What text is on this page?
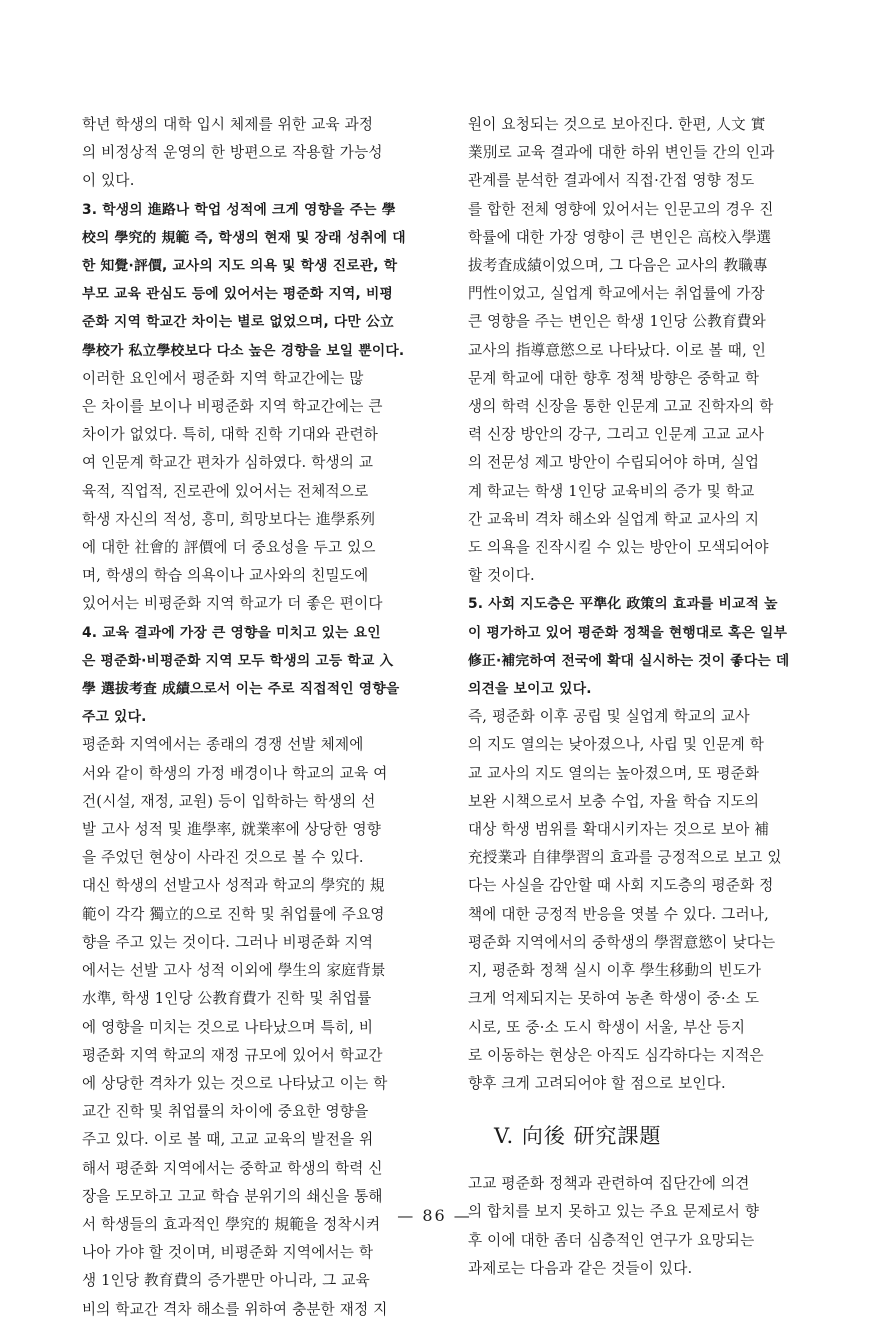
학년 학생의 대학 입시 체제를 위한 교육 과정
의 비정상적 운영의 한 방편으로 작용할 가능성
이 있다.

3. 학생의 進路나 학업 성적에 크게 영향을 주는 學
校의 學究的 規範 즉, 학생의 현재 및 장래 성취에 대
한 知覺·評價, 교사의 지도 의욕 및 학생 진로관, 학
부모 교육 관심도 등에 있어서는 평준화 지역, 비평
준화 지역 학교간 차이는 별로 없었으며, 다만 公立
學校가 私立學校보다 다소 높은 경향을 보일 뿐이다.

이러한 요인에서 평준화 지역 학교간에는 많
은 차이를 보이나 비평준화 지역 학교간에는 큰
차이가 없었다. 특히, 대학 진학 기대와 관련하
여 인문계 학교간 편차가 심하였다. 학생의 교
육적, 직업적, 진로관에 있어서는 전체적으로
학생 자신의 적성, 흥미, 희망보다는 進學系列
에 대한 社會的 評價에 더 중요성을 두고 있으
며, 학생의 학습 의욕이나 교사와의 친밀도에
있어서는 비평준화 지역 학교가 더 좋은 편이다

4. 교육 결과에 가장 큰 영향을 미치고 있는 요인
은 평준화·비평준화 지역 모두 학생의 고등 학교 入
學 選拔考査 成績으로서 이는 주로 직접적인 영향을
주고 있다.

평준화 지역에서는 종래의 경쟁 선발 체제에
서와 같이 학생의 가정 배경이나 학교의 교육 여
건(시설, 재정, 교원) 등이 입학하는 학생의 선
발 고사 성적 및 進學率, 就業率에 상당한 영향
을 주었던 현상이 사라진 것으로 볼 수 있다.
대신 학생의 선발고사 성적과 학교의 學究的 規
範이 각각 獨立的으로 진학 및 취업률에 주요영
향을 주고 있는 것이다. 그러나 비평준화 지역
에서는 선발 고사 성적 이외에 學生의 家庭背景
水準, 학생 1인당 公教育費가 진학 및 취업률
에 영향을 미치는 것으로 나타났으며 특히, 비
평준화 지역 학교의 재정 규모에 있어서 학교간
에 상당한 격차가 있는 것으로 나타났고 이는 학
교간 진학 및 취업률의 차이에 중요한 영향을
주고 있다. 이로 볼 때, 고교 교육의 발전을 위
해서 평준화 지역에서는 중학교 학생의 학력 신
장을 도모하고 고교 학습 분위기의 쇄신을 통해
서 학생들의 효과적인 學究的 規範을 정착시켜
나아 가야 할 것이며, 비평준화 지역에서는 학
생 1인당 教育費의 증가뿐만 아니라, 그 교육
비의 학교간 격차 해소를 위하여 충분한 재정 지

원이 요청되는 것으로 보아진다. 한편, 人文 實
業別로 교육 결과에 대한 하위 변인들 간의 인과
관계를 분석한 결과에서 직접·간접 영향 정도
를 합한 전체 영향에 있어서는 인문고의 경우 진
학률에 대한 가장 영향이 큰 변인은 高校入學選
拔考査成績이었으며, 그 다음은 교사의 教職專
門性이었고, 실업계 학교에서는 취업률에 가장
큰 영향을 주는 변인은 학생 1인당 公教育費와
교사의 指導意慾으로 나타났다. 이로 볼 때, 인
문계 학교에 대한 향후 정책 방향은 중학교 학
생의 학력 신장을 통한 인문계 고교 진학자의 학
력 신장 방안의 강구, 그리고 인문계 고교 교사
의 전문성 제고 방안이 수립되어야 하며, 실업
계 학교는 학생 1인당 교육비의 증가 및 학교
간 교육비 격차 해소와 실업계 학교 교사의 지
도 의욕을 진작시킬 수 있는 방안이 모색되어야
할 것이다.

5. 사회 지도층은 平準化 政策의 효과를 비교적 높
이 평가하고 있어 평준화 정책을 현행대로 혹은 일부
修正·補完하여 전국에 확대 실시하는 것이 좋다는 데
의견을 보이고 있다.

즉, 평준화 이후 공립 및 실업계 학교의 교사
의 지도 열의는 낮아졌으나, 사립 및 인문계 학
교 교사의 지도 열의는 높아졌으며, 또 평준화
보완 시책으로서 보충 수업, 자율 학습 지도의
대상 학생 범위를 확대시키자는 것으로 보아 補
充授業과 自律學習의 효과를 긍정적으로 보고 있
다는 사실을 감안할 때 사회 지도층의 평준화 정
책에 대한 긍정적 반응을 엿볼 수 있다. 그러나,
평준화 지역에서의 중학생의 學習意慾이 낮다는
지, 평준화 정책 실시 이후 學生移動의 빈도가
크게 억제되지는 못하여 농촌 학생이 중·소 도
시로, 또 중·소 도시 학생이 서울, 부산 등지
로 이동하는 현상은 아직도 심각하다는 지적은
향후 크게 고려되어야 할 점으로 보인다.

V. 向後 研究課題

고교 평준화 정책과 관련하여 집단간에 의견
의 합치를 보지 못하고 있는 주요 문제로서 향
후 이에 대한 좀더 심층적인 연구가 요망되는
과제로는 다음과 같은 것들이 있다.

— 86 —
